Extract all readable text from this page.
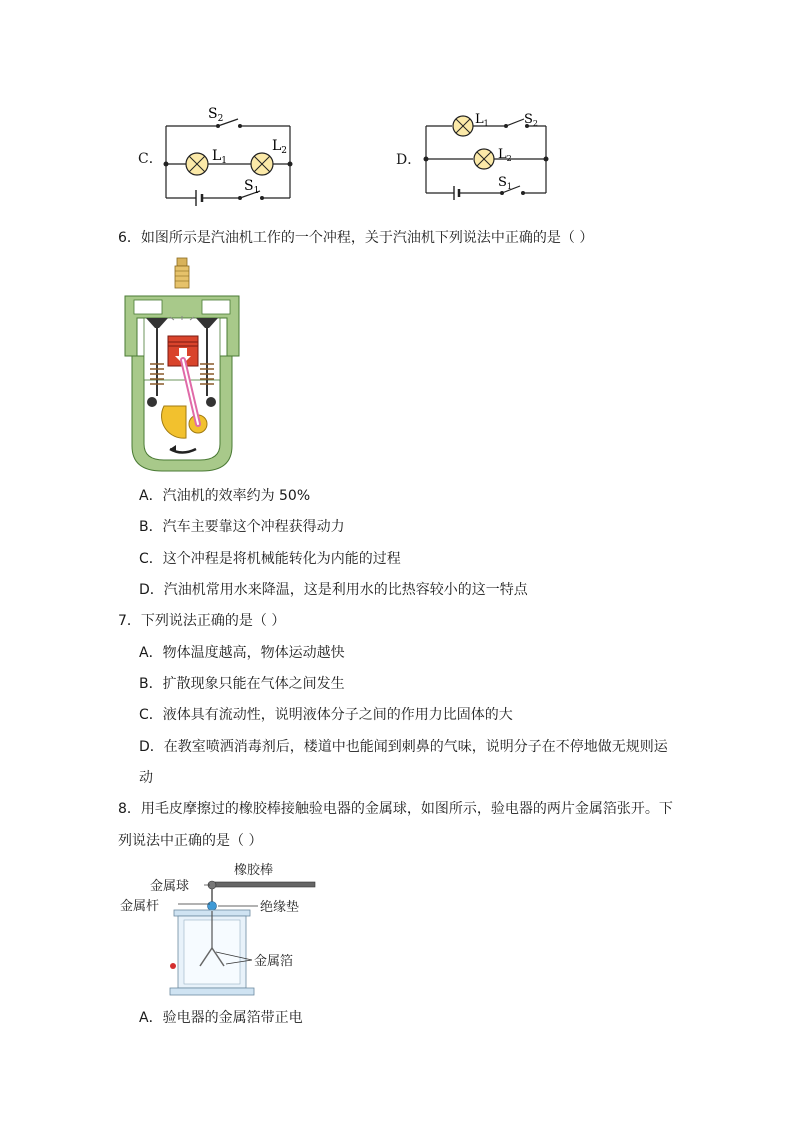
C．
$S_2$
$L_1$
$L_2$
$S_1$
D．
$L_1$	$S_2$
$L_2$
$S_1$
6．如图所示是汽油机工作的一个冲程，关于汽油机下列说法中正确的是（ ）
A．汽油机的效率约为 50%
B．汽车主要靠这个冲程获得动力
C．这个冲程是将机械能转化为内能的过程
D．汽油机常用水来降温，这是利用水的比热容较小的这一特点
7．下列说法正确的是（ ）
A．物体温度越高，物体运动越快
B．扩散现象只能在气体之间发生
C．液体具有流动性，说明液体分子之间的作用力比固体的大
D．在教室喷洒消毒剂后，楼道中也能闻到刺鼻的气味，说明分子在不停地做无规则运
动
8．用毛皮摩擦过的橡胶棒接触验电器的金属球，如图所示，验电器的两片金属箔张开。下
列说法中正确的是（ ）
橡胶棒
金属球
金属杆	绝缘垫
金属箔
A．验电器的金属箔带正电
